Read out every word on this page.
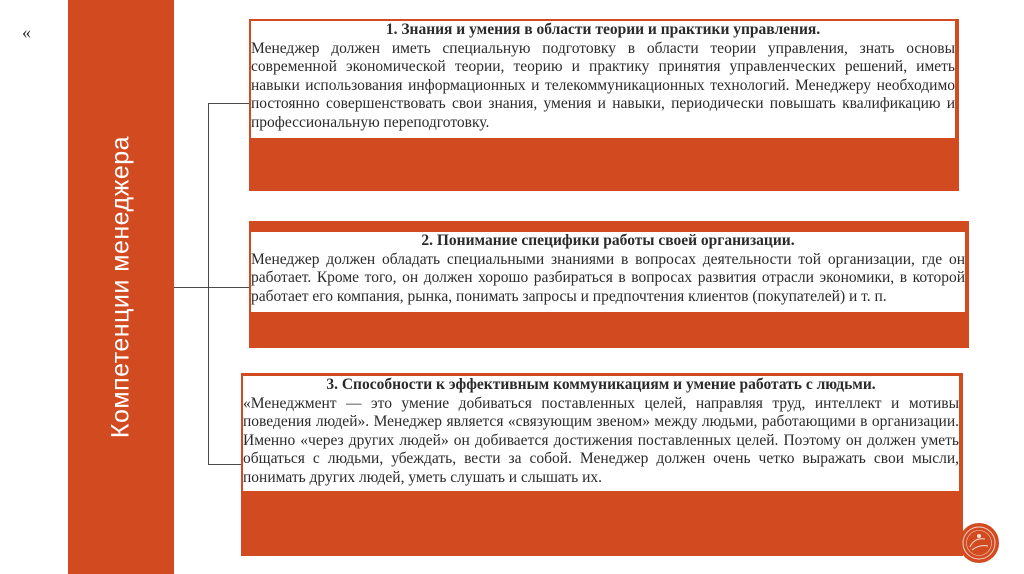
«
Компетенции менеджера
1. Знания и умения в области теории и практики управления.
Менеджер должен иметь специальную подготовку в области теории управления, знать основы современной экономической теории, теорию и практику принятия управленческих решений, иметь навыки использования информационных и телекоммуникационных технологий. Менеджеру необходимо постоянно совершенствовать свои знания, умения и навыки, периодически повышать квалификацию и профессиональную переподготовку.
2. Понимание специфики работы своей организации.
Менеджер должен обладать специальными знаниями в вопросах деятельности той организации, где он работает. Кроме того, он должен хорошо разбираться в вопросах развития отрасли экономики, в которой работает его компания, рынка, понимать запросы и предпочтения клиентов (покупателей) и т. п.
3. Способности к эффективным коммуникациям и умение работать с людьми.
«Менеджмент — это умение добиваться поставленных целей, направляя труд, интеллект и мотивы поведения людей». Менеджер является «связующим звеном» между людьми, работающими в организации. Именно «через других людей» он добивается достижения поставленных целей. Поэтому он должен уметь общаться с людьми, убеждать, вести за собой. Менеджер должен очень четко выражать свои мысли, понимать других людей, уметь слушать и слышать их.
